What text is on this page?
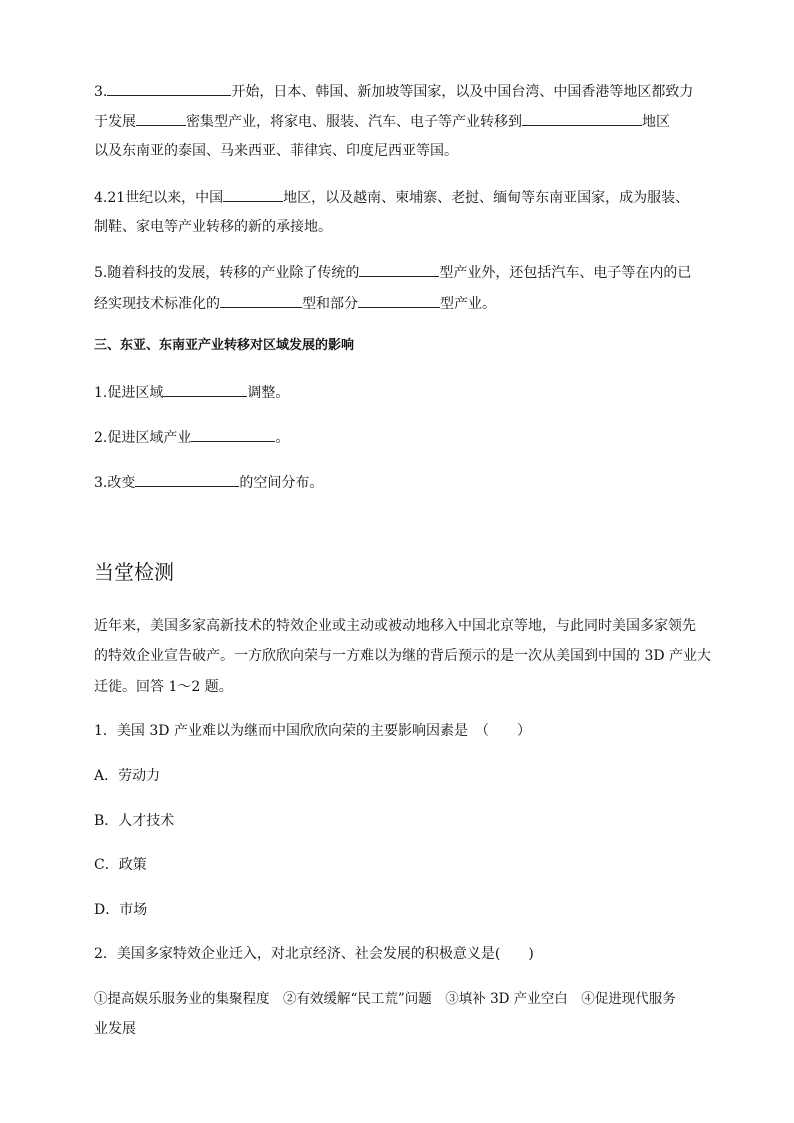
3.	开始，日本、韩国、新加坡等国家，以及中国台湾、中国香港等地区都致力
于发展	密集型产业，将家电、服装、汽车、电子等产业转移到	地区
以及东南亚的泰国、马来西亚、菲律宾、印度尼西亚等国。
4.21世纪以来，中国	地区，以及越南、柬埔寨、老挝、缅甸等东南亚国家，成为服装、
制鞋、家电等产业转移的新的承接地。
5.随着科技的发展，转移的产业除了传统的	型产业外，还包括汽车、电子等在内的已
经实现技术标准化的	型和部分	型产业。
三、东亚、东南亚产业转移对区域发展的影响
1.促进区域	调整。
2.促进区域产业	。
3.改变	的空间分布。
当堂检测
近年来，美国多家高新技术的特效企业或主动或被动地移入中国北京等地，与此同时美国多家领先
的特效企业宣告破产。一方欣欣向荣与一方难以为继的背后预示的是一次从美国到中国的 3D 产业大
迁徙。回答 1～2 题。
1．美国 3D 产业难以为继而中国欣欣向荣的主要影响因素是　（　　）
A．劳动力
B．人才技术
C．政策
D．市场
2．美国多家特效企业迁入，对北京经济、社会发展的积极意义是(　　)
①提高娱乐服务业的集聚程度　②有效缓解“民工荒”问题　③填补 3D 产业空白　④促进现代服务
业发展
